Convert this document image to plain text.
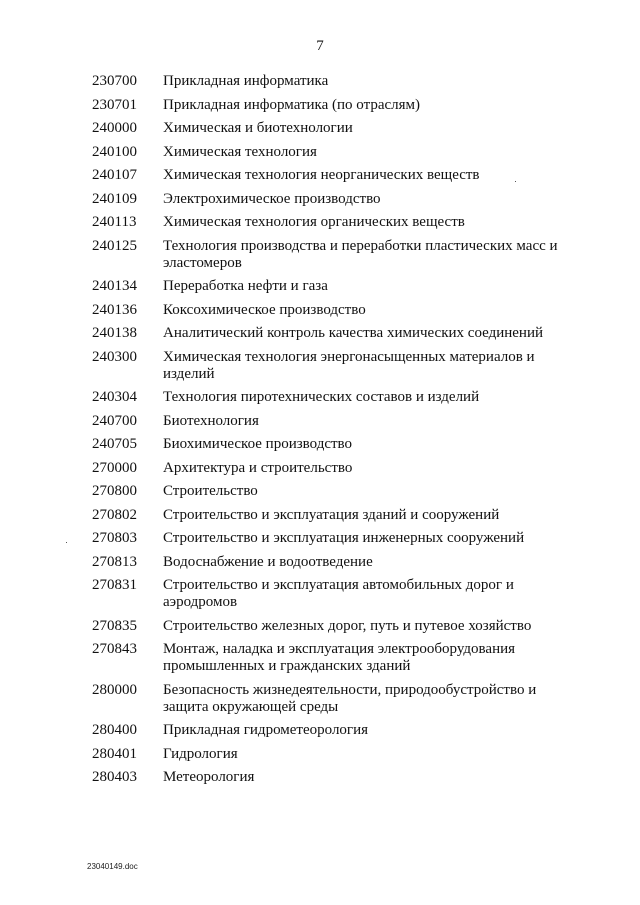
7
230700	Прикладная информатика
230701	Прикладная информатика (по отраслям)
240000	Химическая и биотехнологии
240100	Химическая технология
240107	Химическая технология неорганических веществ
240109	Электрохимическое производство
240113	Химическая технология органических веществ
240125	Технология производства и переработки пластических масс и эластомеров
240134	Переработка нефти и газа
240136	Коксохимическое производство
240138	Аналитический контроль качества химических соединений
240300	Химическая технология энергонасыщенных материалов и изделий
240304	Технология пиротехнических составов и изделий
240700	Биотехнология
240705	Биохимическое производство
270000	Архитектура и строительство
270800	Строительство
270802	Строительство и эксплуатация зданий и сооружений
270803	Строительство и эксплуатация инженерных сооружений
270813	Водоснабжение и водоотведение
270831	Строительство и эксплуатация автомобильных дорог и аэродромов
270835	Строительство железных дорог, путь и путевое хозяйство
270843	Монтаж, наладка и эксплуатация электрооборудования промышленных и гражданских зданий
280000	Безопасность жизнедеятельности, природообустройство и защита окружающей среды
280400	Прикладная гидрометеорология
280401	Гидрология
280403	Метеорология
23040149.doc
